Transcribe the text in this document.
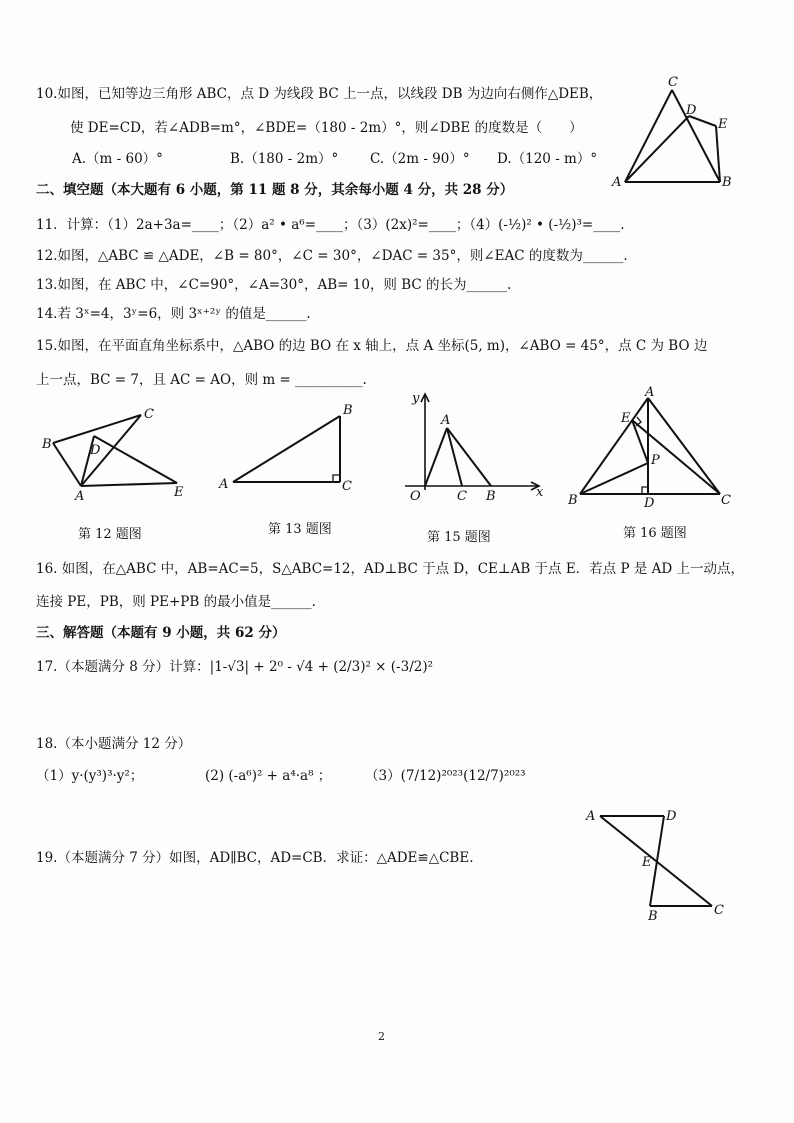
10.如图，已知等边三角形 ABC，点 D 为线段 BC 上一点，以线段 DB 为边向右侧作△DEB，
使 DE=CD，若∠ADB=m°，∠BDE=（180 - 2m）°，则∠DBE 的度数是（　　）
A.（m - 60）°	B.（180 - 2m）° C.（2m - 90）° D.（120 - m）°
C
D
E
A	B
二、填空题（本大题有 6 小题，第 11 题 8 分，其余每小题 4 分，共 28 分）
11．计算：（1）2a+3a=____；（2）a² • a⁶=____；（3）(2x)²=____；（4）(-½)² • (-½)³=____.
12.如图，△ABC ≌ △ADE，∠B = 80°，∠C = 30°，∠DAC = 35°，则∠EAC 的度数为______.
13.如图，在 ABC 中，∠C=90°，∠A=30°，AB= 10，则 BC 的长为______.
14.若 3ˣ=4，3ʸ=6，则 3ˣ⁺²ʸ 的值是______.
15.如图，在平面直角坐标系中，△ABO 的边 BO 在 x 轴上，点 A 坐标(5, m)，∠ABO = 45°，点 C 为 BO 边
上一点，BC = 7，且 AC = AO，则 m = __________.
C
B	D
A	E
第 12 题图
B
A	C
第 13 题图
y
A
O	C B	x
第 15 题图
A
E
P
B	D	C
第 16 题图
16. 如图，在△ABC 中，AB=AC=5，S△ABC=12，AD⊥BC 于点 D，CE⊥AB 于点 E．若点 P 是 AD 上一动点，
连接 PE，PB，则 PE+PB 的最小值是______.
三、解答题（本题有 9 小题，共 62 分）
17.（本题满分 8 分）计算：|1-√3| + 2⁰ - √4 + (2/3)² × (-3/2)²
18.（本小题满分 12 分）
（1）y·(y³)³·y²；	(2) (-a⁶)² + a⁴·a⁸ ； （3）(7/12)²⁰²³(12/7)²⁰²³
19.（本题满分 7 分）如图，AD∥BC，AD=CB．求证：△ADE≌△CBE.
A	D
E
B	C
2
